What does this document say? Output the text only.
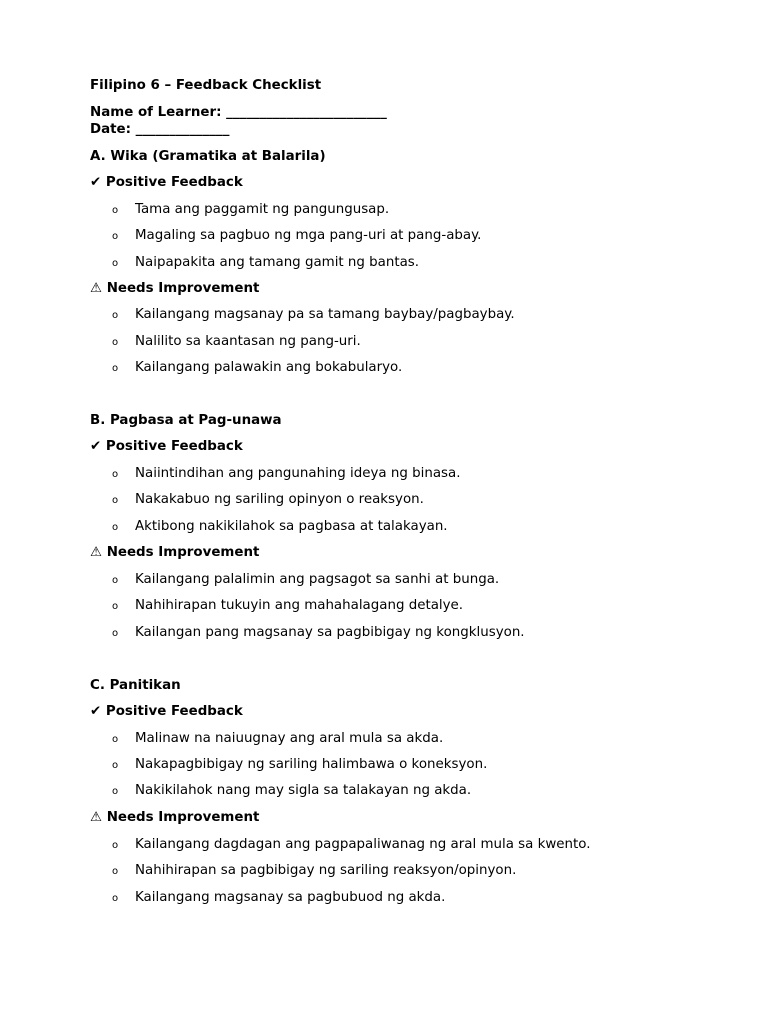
Filipino 6 – Feedback Checklist
Name of Learner: ________________________
Date: ______________
A. Wika (Gramatika at Balarila)
✔ Positive Feedback
o Tama ang paggamit ng pangungusap.
o Magaling sa pagbuo ng mga pang-uri at pang-abay.
o Naipapakita ang tamang gamit ng bantas.
⚠ Needs Improvement
o Kailangang magsanay pa sa tamang baybay/pagbaybay.
o Nalilito sa kaantasan ng pang-uri.
o Kailangang palawakin ang bokabularyo.
B. Pagbasa at Pag-unawa
✔ Positive Feedback
o Naiintindihan ang pangunahing ideya ng binasa.
o Nakakabuo ng sariling opinyon o reaksyon.
o Aktibong nakikilahok sa pagbasa at talakayan.
⚠ Needs Improvement
o Kailangang palalimin ang pagsagot sa sanhi at bunga.
o Nahihirapan tukuyin ang mahahalagang detalye.
o Kailangan pang magsanay sa pagbibigay ng kongklusyon.
C. Panitikan
✔ Positive Feedback
o Malinaw na naiuugnay ang aral mula sa akda.
o Nakapagbibigay ng sariling halimbawa o koneksyon.
o Nakikilahok nang may sigla sa talakayan ng akda.
⚠ Needs Improvement
o Kailangang dagdagan ang pagpapaliwanag ng aral mula sa kwento.
o Nahihirapan sa pagbibigay ng sariling reaksyon/opinyon.
o Kailangang magsanay sa pagbubuod ng akda.
